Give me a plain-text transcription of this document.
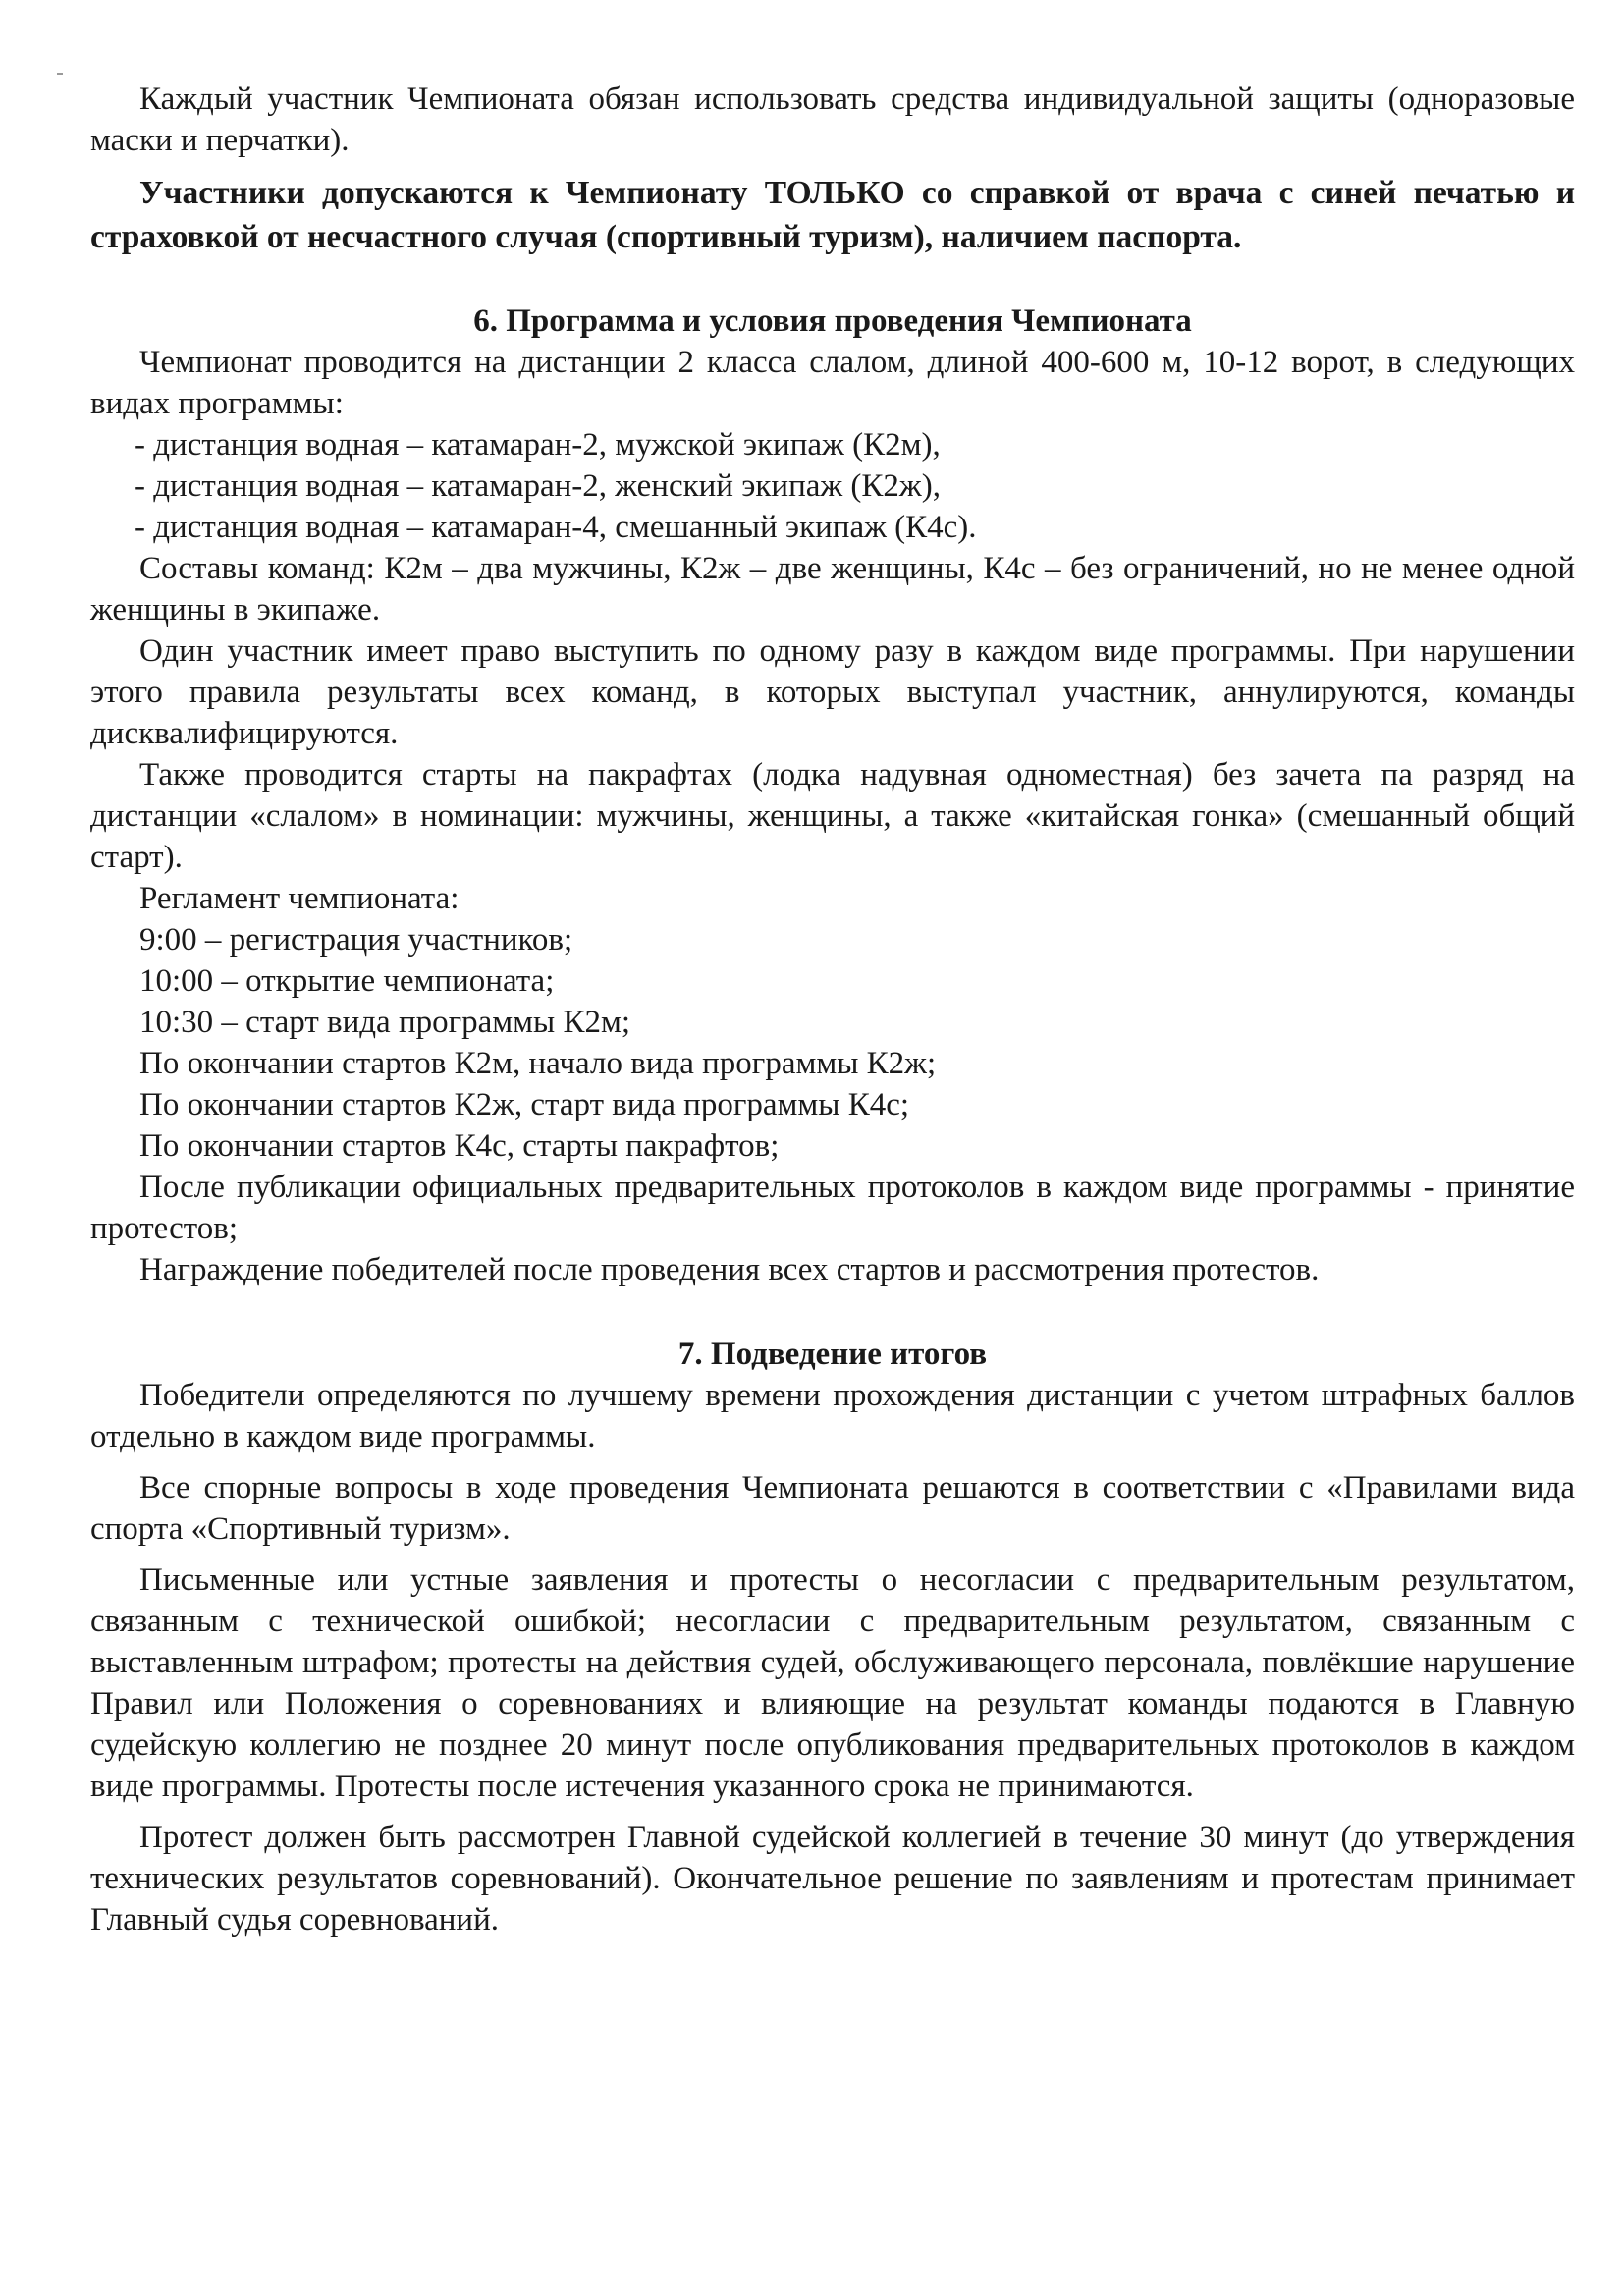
Каждый участник Чемпионата обязан использовать средства индивидуальной защиты (одноразовые маски и перчатки).

Участники допускаются к Чемпионату ТОЛЬКО со справкой от врача с синей печатью и страховкой от несчастного случая (спортивный туризм), наличием паспорта.

6. Программа и условия проведения Чемпионата

Чемпионат проводится на дистанции 2 класса слалом, длиной 400-600 м, 10-12 ворот, в следующих видах программы:

- дистанция водная – катамаран-2, мужской экипаж (К2м),

- дистанция водная – катамаран-2, женский экипаж (К2ж),

- дистанция водная – катамаран-4, смешанный экипаж (К4с).

Составы команд: К2м – два мужчины, К2ж – две женщины, К4с – без ограничений, но не менее одной женщины в экипаже.

Один участник имеет право выступить по одному разу в каждом виде программы. При нарушении этого правила результаты всех команд, в которых выступал участник, аннулируются, команды дисквалифицируются.

Также проводится старты на пакрафтах (лодка надувная одноместная) без зачета па разряд на дистанции «слалом» в номинации: мужчины, женщины, а также «китайская гонка» (смешанный общий старт).

Регламент чемпионата:

9:00 – регистрация участников;

10:00 – открытие чемпионата;

10:30 – старт вида программы К2м;

По окончании стартов К2м, начало вида программы К2ж;

По окончании стартов К2ж, старт вида программы К4с;

По окончании стартов К4с, старты пакрафтов;

После публикации официальных предварительных протоколов в каждом виде программы - принятие протестов;

Награждение победителей после проведения всех стартов и рассмотрения протестов.

7. Подведение итогов

Победители определяются по лучшему времени прохождения дистанции с учетом штрафных баллов отдельно в каждом виде программы.

Все спорные вопросы в ходе проведения Чемпионата решаются в соответствии с «Правилами вида спорта «Спортивный туризм».

Письменные или устные заявления и протесты о несогласии с предварительным результатом, связанным с технической ошибкой; несогласии с предварительным результатом, связанным с выставленным штрафом; протесты на действия судей, обслуживающего персонала, повлёкшие нарушение Правил или Положения о соревнованиях и влияющие на результат команды подаются в Главную судейскую коллегию не позднее 20 минут после опубликования предварительных протоколов в каждом виде программы. Протесты после истечения указанного срока не принимаются.

Протест должен быть рассмотрен Главной судейской коллегией в течение 30 минут (до утверждения технических результатов соревнований). Окончательное решение по заявлениям и протестам принимает Главный судья соревнований.
